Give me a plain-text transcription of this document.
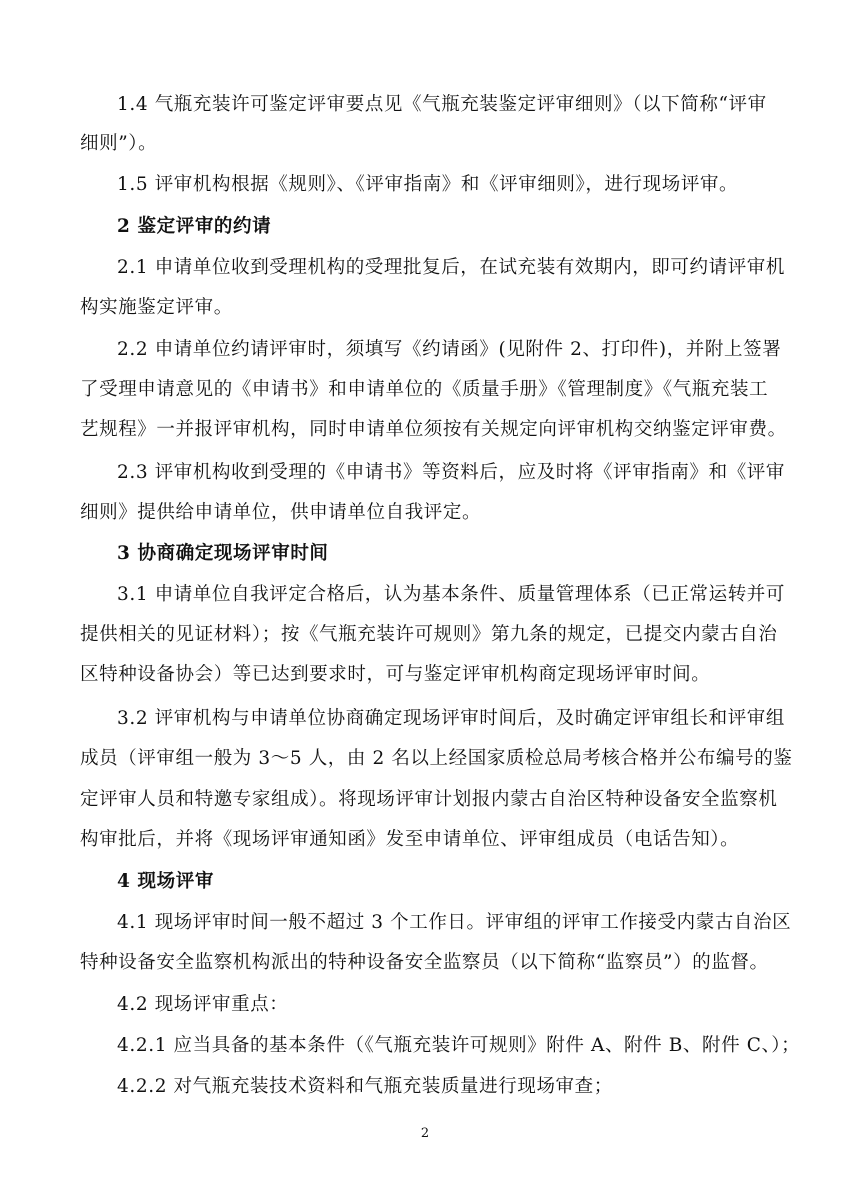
1.4 气瓶充装许可鉴定评审要点见《气瓶充装鉴定评审细则》（以下简称“评审
细则”）。
1.5 评审机构根据《规则》、《评审指南》和《评审细则》，进行现场评审。
2 鉴定评审的约请
2.1 申请单位收到受理机构的受理批复后，在试充装有效期内，即可约请评审机
构实施鉴定评审。
2.2 申请单位约请评审时，须填写《约请函》(见附件 2、打印件)，并附上签署
了受理申请意见的《申请书》和申请单位的《质量手册》《管理制度》《气瓶充装工
艺规程》一并报评审机构，同时申请单位须按有关规定向评审机构交纳鉴定评审费。
2.3 评审机构收到受理的《申请书》等资料后，应及时将《评审指南》和《评审
细则》提供给申请单位，供申请单位自我评定。
3 协商确定现场评审时间
3.1 申请单位自我评定合格后，认为基本条件、质量管理体系（已正常运转并可
提供相关的见证材料）；按《气瓶充装许可规则》第九条的规定，已提交内蒙古自治
区特种设备协会）等已达到要求时，可与鉴定评审机构商定现场评审时间。
3.2 评审机构与申请单位协商确定现场评审时间后，及时确定评审组长和评审组
成员（评审组一般为 3～5 人，由 2 名以上经国家质检总局考核合格并公布编号的鉴
定评审人员和特邀专家组成）。将现场评审计划报内蒙古自治区特种设备安全监察机
构审批后，并将《现场评审通知函》发至申请单位、评审组成员（电话告知）。
4 现场评审
4.1 现场评审时间一般不超过 3 个工作日。评审组的评审工作接受内蒙古自治区
特种设备安全监察机构派出的特种设备安全监察员（以下简称“监察员”）的监督。
4.2 现场评审重点：
4.2.1 应当具备的基本条件（《气瓶充装许可规则》附件 A、附件 B、附件 C、）；
4.2.2 对气瓶充装技术资料和气瓶充装质量进行现场审查；
2
